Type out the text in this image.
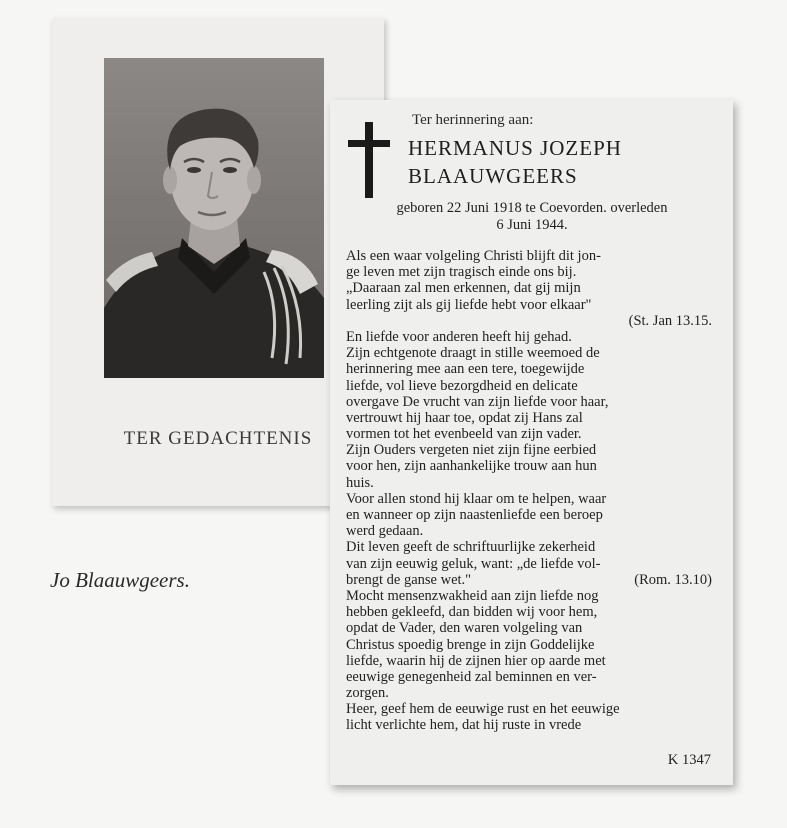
TER GEDACHTENIS
Jo Blaauwgeers.
Ter herinnering aan:
HERMANUS JOZEPH
BLAAUWGEERS
geboren 22 Juni 1918 te Coevorden. overleden
6 Juni 1944.
Als een waar volgeling Christi blijft dit jon-
ge leven met zijn tragisch einde ons bij.
„Daaraan zal men erkennen, dat gij mijn
leerling zijt als gij liefde hebt voor elkaar"
(St. Jan 13.15.
En liefde voor anderen heeft hij gehad.
Zijn echtgenote draagt in stille weemoed de
herinnering mee aan een tere, toegewijde
liefde, vol lieve bezorgdheid en delicate
overgave De vrucht van zijn liefde voor haar,
vertrouwt hij haar toe, opdat zij Hans zal
vormen tot het evenbeeld van zijn vader.
Zijn Ouders vergeten niet zijn fijne eerbied
voor hen, zijn aanhankelijke trouw aan hun
huis.
Voor allen stond hij klaar om te helpen, waar
en wanneer op zijn naastenliefde een beroep
werd gedaan.
Dit leven geeft de schriftuurlijke zekerheid
van zijn eeuwig geluk, want: „de liefde vol-
brengt de ganse wet."	(Rom. 13.10)
Mocht mensenzwakheid aan zijn liefde nog
hebben gekleefd, dan bidden wij voor hem,
opdat de Vader, den waren volgeling van
Christus spoedig brenge in zijn Goddelijke
liefde, waarin hij de zijnen hier op aarde met
eeuwige genegenheid zal beminnen en ver-
zorgen.
Heer, geef hem de eeuwige rust en het eeuwige
licht verlichte hem, dat hij ruste in vrede
K 1347
